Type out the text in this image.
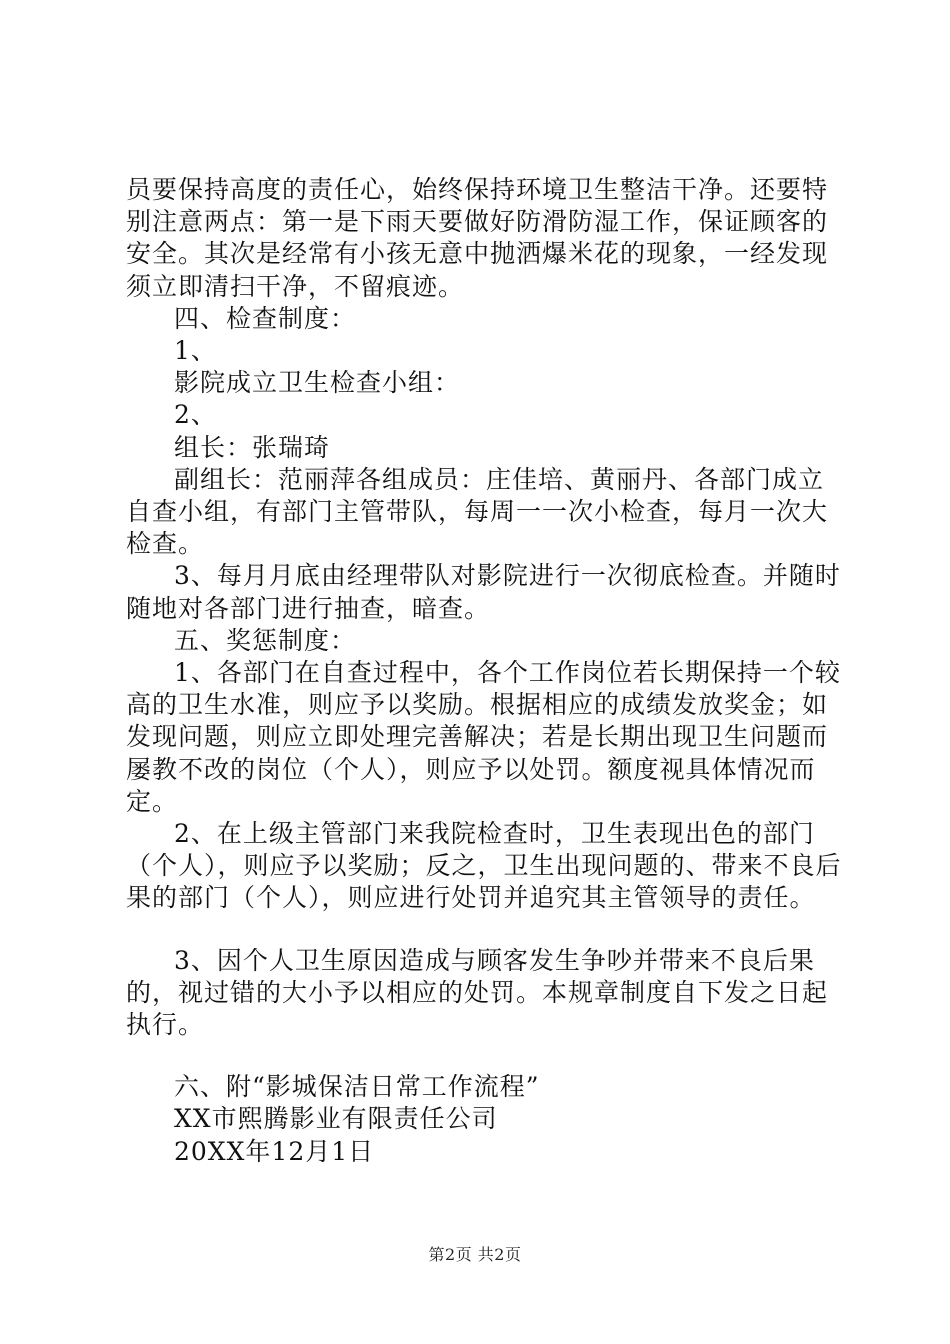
员要保持高度的责任心，始终保持环境卫生整洁干净。还要特别注意两点：第一是下雨天要做好防滑防湿工作，保证顾客的安全。其次是经常有小孩无意中抛洒爆米花的现象，一经发现须立即清扫干净，不留痕迹。

四、检查制度：

1、

影院成立卫生检查小组：

2、

组长：张瑞琦

副组长：范丽萍各组成员：庄佳培、黄丽丹、各部门成立自查小组，有部门主管带队，每周一一次小检查，每月一次大检查。

3、每月月底由经理带队对影院进行一次彻底检查。并随时随地对各部门进行抽查，暗查。

五、奖惩制度：

1、各部门在自查过程中，各个工作岗位若长期保持一个较高的卫生水准，则应予以奖励。根据相应的成绩发放奖金；如发现问题，则应立即处理完善解决；若是长期出现卫生问题而屡教不改的岗位（个人），则应予以处罚。额度视具体情况而定。

2、在上级主管部门来我院检查时，卫生表现出色的部门（个人），则应予以奖励；反之，卫生出现问题的、带来不良后果的部门（个人），则应进行处罚并追究其主管领导的责任。

3、因个人卫生原因造成与顾客发生争吵并带来不良后果的，视过错的大小予以相应的处罚。本规章制度自下发之日起执行。

六、附“影城保洁日常工作流程”

XX市熙腾影业有限责任公司

20XX年12月1日

第2页 共2页
